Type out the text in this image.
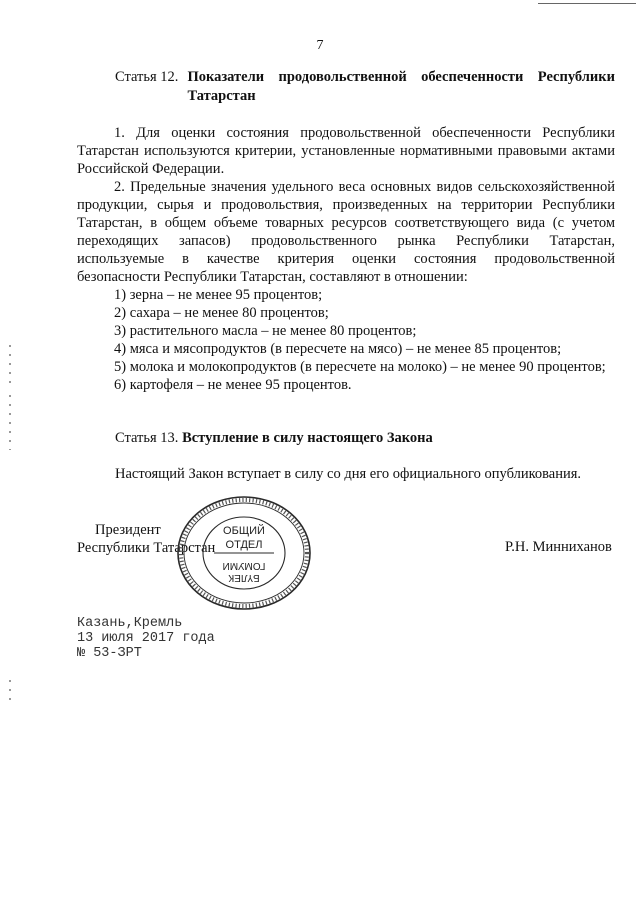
7
Статья 12. Показатели продовольственной обеспеченности Республики Татарстан

1. Для оценки состояния продовольственной обеспеченности Республики Татарстан используются критерии, установленные нормативными правовыми актами Российской Федерации.

2. Предельные значения удельного веса основных видов сельскохозяйственной продукции, сырья и продовольствия, произведенных на территории Республики Татарстан, в общем объеме товарных ресурсов соответствующего вида (с учетом переходящих запасов) продовольственного рынка Республики Татарстан, используемые в качестве критерия оценки состояния продовольственной безопасности Республики Татарстан, составляют в отношении:

1) зерна – не менее 95 процентов;

2) сахара – не менее 80 процентов;

3) растительного масла – не менее 80 процентов;

4) мяса и мясопродуктов (в пересчете на мясо) – не менее 85 процентов;

5) молока и молокопродуктов (в пересчете на молоко) – не менее 90 процентов;

6) картофеля – не менее 95 процентов.

Статья 13. Вступление в силу настоящего Закона
Настоящий Закон вступает в силу со дня его официального опубликования.
Президент
Республики Татарстан
ОБЩИЙ
ОТДЕЛ
БҮЛЕК
ГОМУМИ
Р.Н. Минниханов
Казань,Кремль
13 июля 2017 года
№ 53-ЗРТ
